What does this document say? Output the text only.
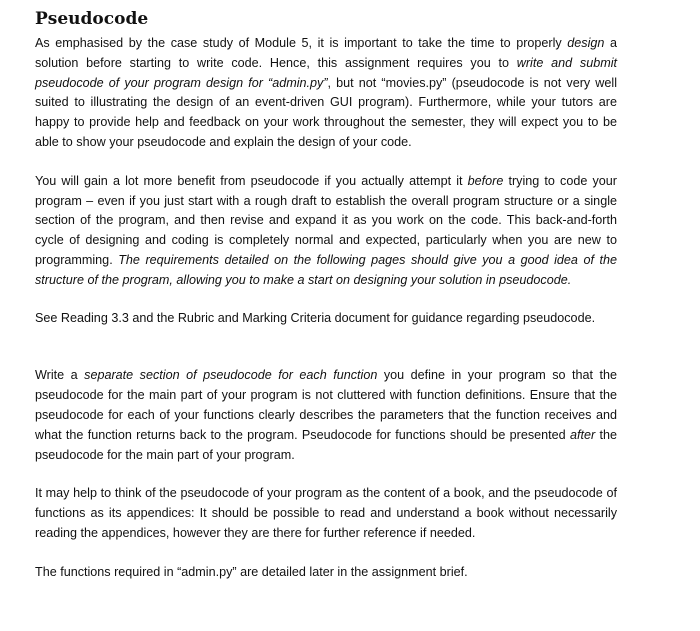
Pseudocode

As emphasised by the case study of Module 5, it is important to take the time to properly design a solution before starting to write code. Hence, this assignment requires you to write and submit pseudocode of your program design for “admin.py”, but not “movies.py” (pseudocode is not very well suited to illustrating the design of an event-driven GUI program). Furthermore, while your tutors are happy to provide help and feedback on your work throughout the semester, they will expect you to be able to show your pseudocode and explain the design of your code.

You will gain a lot more benefit from pseudocode if you actually attempt it before trying to code your program – even if you just start with a rough draft to establish the overall program structure or a single section of the program, and then revise and expand it as you work on the code. This back-and-forth cycle of designing and coding is completely normal and expected, particularly when you are new to programming. The requirements detailed on the following pages should give you a good idea of the structure of the program, allowing you to make a start on designing your solution in pseudocode.

See Reading 3.3 and the Rubric and Marking Criteria document for guidance regarding pseudocode.

Write a separate section of pseudocode for each function you define in your program so that the pseudocode for the main part of your program is not cluttered with function definitions. Ensure that the pseudocode for each of your functions clearly describes the parameters that the function receives and what the function returns back to the program. Pseudocode for functions should be presented after the pseudocode for the main part of your program.

It may help to think of the pseudocode of your program as the content of a book, and the pseudocode of functions as its appendices: It should be possible to read and understand a book without necessarily reading the appendices, however they are there for further reference if needed.

The functions required in “admin.py” are detailed later in the assignment brief.
